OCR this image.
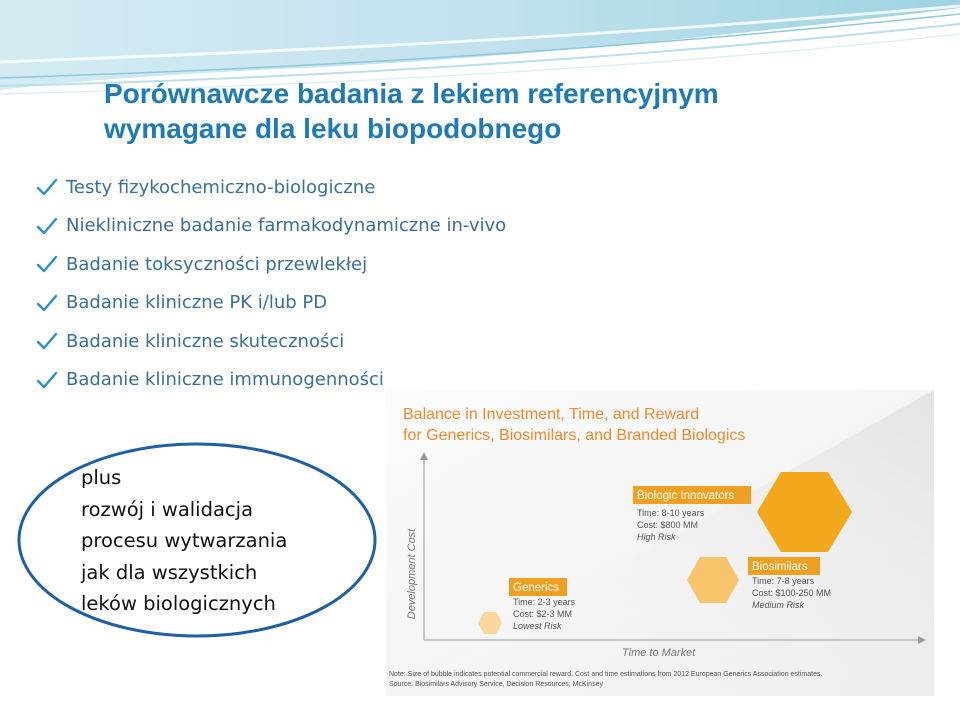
Porównawcze badania z lekiem referencyjnym
wymagane dla leku biopodobnego
Testy fizykochemiczno-biologiczne
Niekliniczne badanie farmakodynamiczne in-vivo
Badanie toksyczności przewlekłej
Badanie kliniczne PK i/lub PD
Badanie kliniczne skuteczności
Badanie kliniczne immunogenności
Balance in Investment, Time, and Reward
for Generics, Biosimilars, and Branded Biologics
Development Cost
Time to Market
Biologic Innovators
Time: 8-10 years
Cost: $800 MM
High Risk
Biosimilars
Time: 7-8 years
Cost: $100-250 MM
Medium Risk
Generics
Time: 2-3 years
Cost: $2-3 MM
Lowest Risk
Note: Size of bubble indicates potential commercial reward. Cost and time estimations from 2012 European Generics Association estimates.
Source: Biosimilars Advisory Service, Decision Resources, McKinsey
plus
rozwój i walidacja
procesu wytwarzania
jak dla wszystkich
leków biologicznych
